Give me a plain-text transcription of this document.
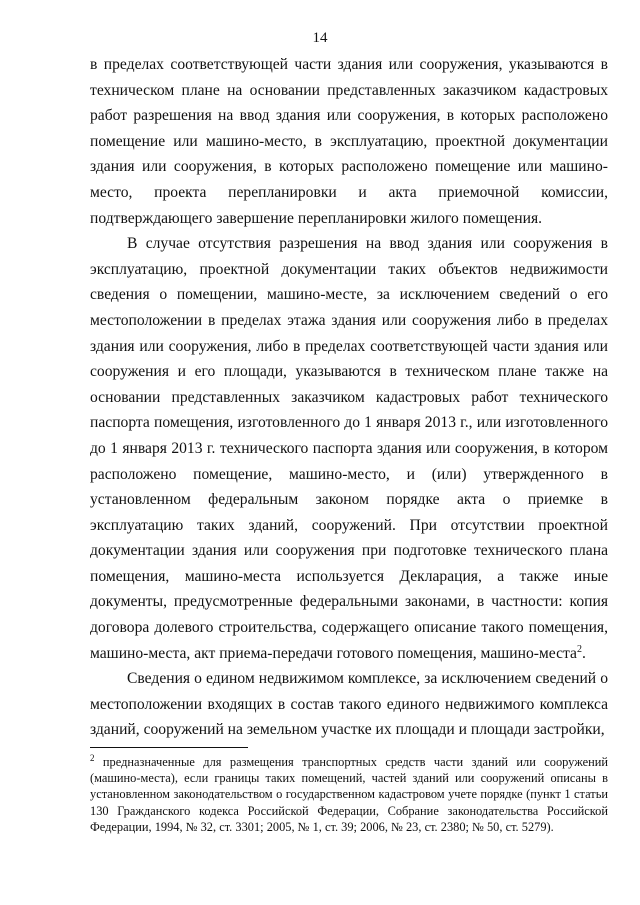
14

в пределах соответствующей части здания или сооружения, указываются в техническом плане на основании представленных заказчиком кадастровых работ разрешения на ввод здания или сооружения, в которых расположено помещение или машино-место, в эксплуатацию, проектной документации здания или сооружения, в которых расположено помещение или машино-место, проекта перепланировки и акта приемочной комиссии, подтверждающего завершение перепланировки жилого помещения.

В случае отсутствия разрешения на ввод здания или сооружения в эксплуатацию, проектной документации таких объектов недвижимости сведения о помещении, машино-месте, за исключением сведений о его местоположении в пределах этажа здания или сооружения либо в пределах здания или сооружения, либо в пределах соответствующей части здания или сооружения и его площади, указываются в техническом плане также на основании представленных заказчиком кадастровых работ технического паспорта помещения, изготовленного до 1 января 2013 г., или изготовленного до 1 января 2013 г. технического паспорта здания или сооружения, в котором расположено помещение, машино-место, и (или) утвержденного в установленном федеральным законом порядке акта о приемке в эксплуатацию таких зданий, сооружений. При отсутствии проектной документации здания или сооружения при подготовке технического плана помещения, машино-места используется Декларация, а также иные документы, предусмотренные федеральными законами, в частности: копия договора долевого строительства, содержащего описание такого помещения, машино-места, акт приема-передачи готового помещения, машино-места$^2$.

Сведения о едином недвижимом комплексе, за исключением сведений о местоположении входящих в состав такого единого недвижимого комплекса зданий, сооружений на земельном участке их площади и площади застройки,

$^2$ предназначенные для размещения транспортных средств части зданий или сооружений (машино-места), если границы таких помещений, частей зданий или сооружений описаны в установленном законодательством о государственном кадастровом учете порядке (пункт 1 статьи 130 Гражданского кодекса Российской Федерации, Собрание законодательства Российской Федерации, 1994, № 32, ст. 3301; 2005, № 1, ст. 39; 2006, № 23, ст. 2380; № 50, ст. 5279).
